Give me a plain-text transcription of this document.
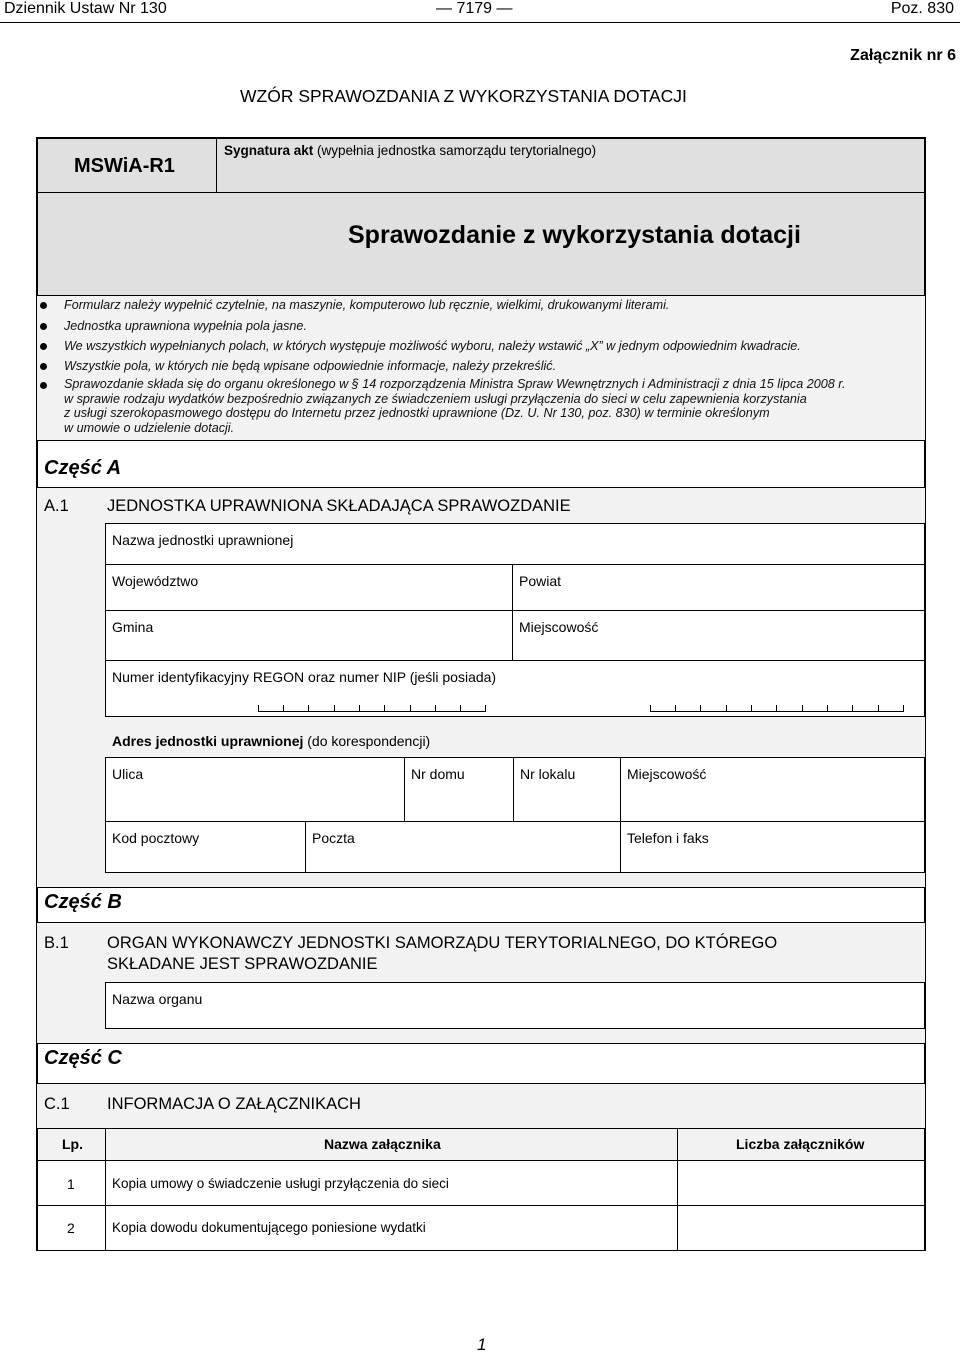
Dziennik Ustaw Nr 130	— 7179 —	Poz. 830
Załącznik nr 6
WZÓR SPRAWOZDANIA Z WYKORZYSTANIA DOTACJI
MSWiA-R1
Sygnatura akt (wypełnia jednostka samorządu terytorialnego)
Sprawozdanie z wykorzystania dotacji
Formularz należy wypełnić czytelnie, na maszynie, komputerowo lub ręcznie, wielkimi, drukowanymi literami.
Jednostka uprawniona wypełnia pola jasne.
We wszystkich wypełnianych polach, w których występuje możliwość wyboru, należy wstawić „X” w jednym odpowiednim kwadracie.
Wszystkie pola, w których nie będą wpisane odpowiednie informacje, należy przekreślić.
Sprawozdanie składa się do organu określonego w § 14 rozporządzenia Ministra Spraw Wewnętrznych i Administracji z dnia 15 lipca 2008 r.
w sprawie rodzaju wydatków bezpośrednio związanych ze świadczeniem usługi przyłączenia do sieci w celu zapewnienia korzystania
z usługi szerokopasmowego dostępu do Internetu przez jednostki uprawnione (Dz. U. Nr 130, poz. 830) w terminie określonym
w umowie o udzielenie dotacji.
Część A
A.1 JEDNOSTKA UPRAWNIONA SKŁADAJĄCA SPRAWOZDANIE
Nazwa jednostki uprawnionej
Województwo	Powiat
Gmina	Miejscowość
Numer identyfikacyjny REGON oraz numer NIP (jeśli posiada)
Adres jednostki uprawnionej (do korespondencji)
Ulica	Nr domu	Nr lokalu	Miejscowość
Kod pocztowy	Poczta	Telefon i faks
Część B
B.1 ORGAN WYKONAWCZY JEDNOSTKI SAMORZĄDU TERYTORIALNEGO, DO KTÓREGO
SKŁADANE JEST SPRAWOZDANIE
Nazwa organu
Część C
C.1 INFORMACJA O ZAŁĄCZNIKACH
Lp.	Nazwa załącznika	Liczba załączników
1	Kopia umowy o świadczenie usługi przyłączenia do sieci
2	Kopia dowodu dokumentującego poniesione wydatki
1
